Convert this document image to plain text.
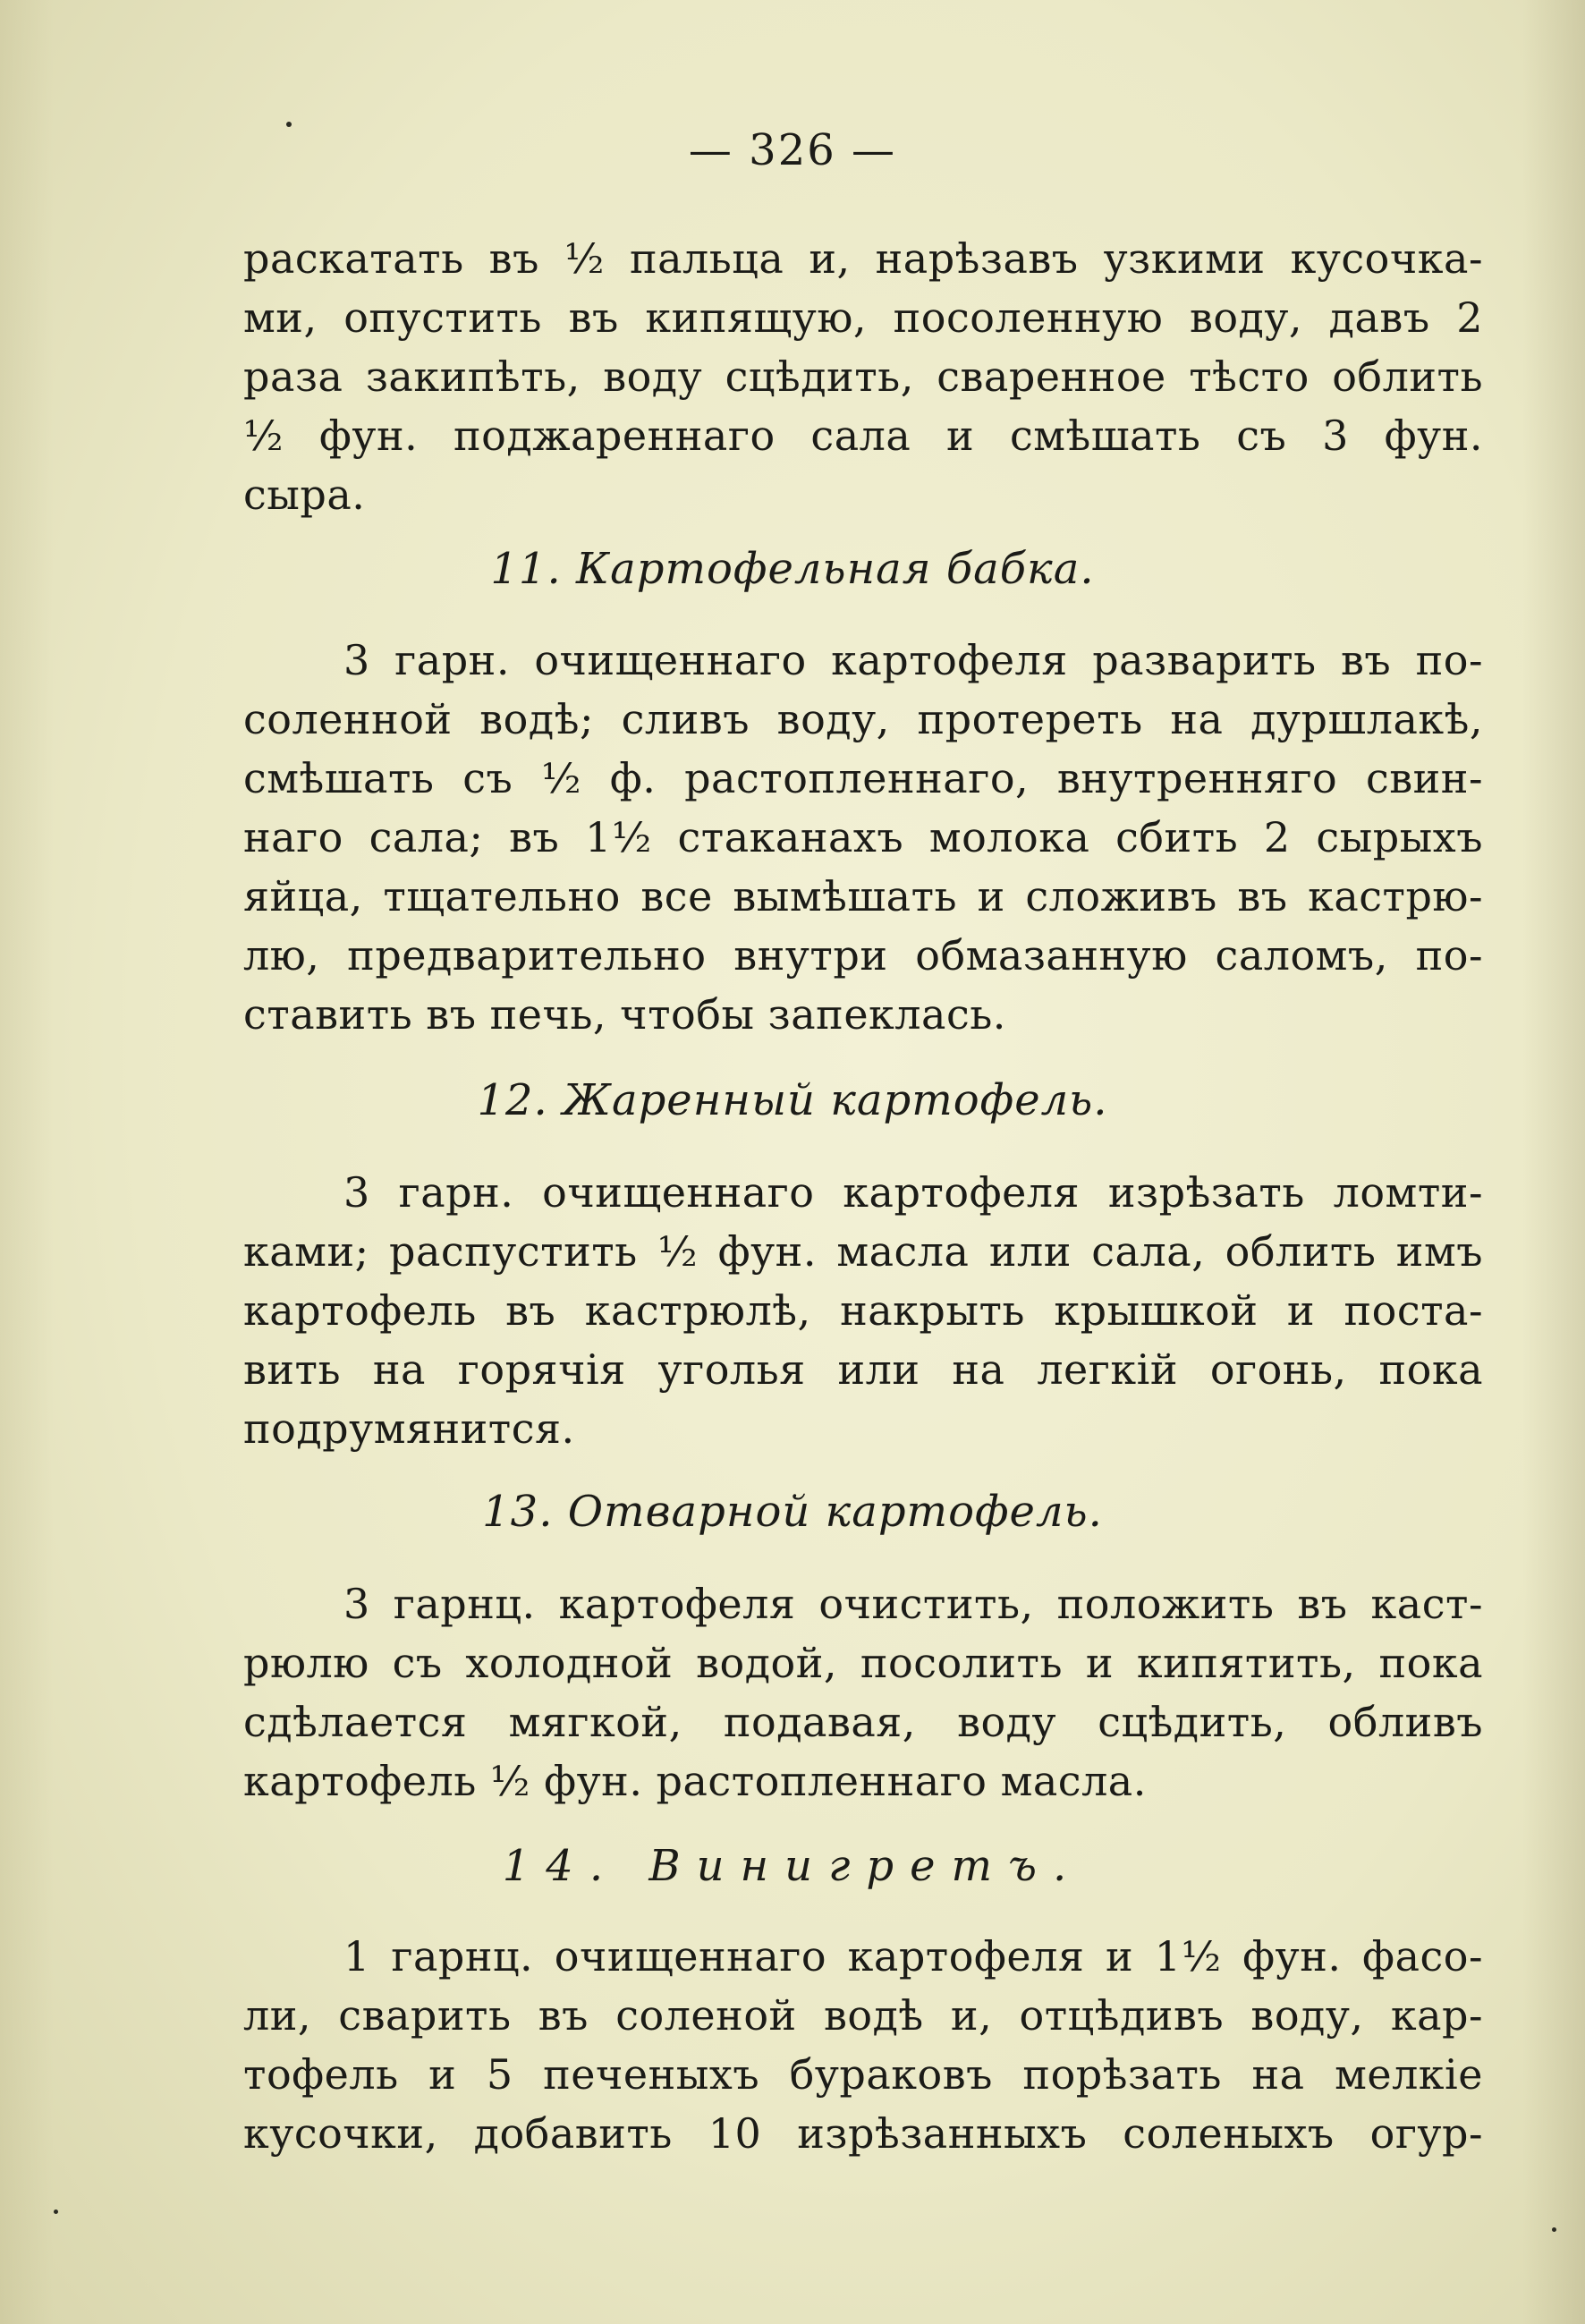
— 326 —
раскатать въ ½ пальца и, нарѣзавъ узкими кусочка-
ми, опустить въ кипящую, посоленную воду, давъ 2
раза закипѣть, воду сцѣдить, сваренное тѣсто облить
½ фун. поджареннаго сала и смѣшать съ 3 фун.
сыра.
11. Картофельная бабка.
3 гарн. очищеннаго картофеля разварить въ по-
соленной водѣ; сливъ воду, протереть на дуршлакѣ,
смѣшать съ ½ ф. растопленнаго, внутренняго свин-
наго сала; въ 1½ стаканахъ молока сбить 2 сырыхъ
яйца, тщательно все вымѣшать и сложивъ въ кастрю-
лю, предварительно внутри обмазанную саломъ, по-
ставить въ печь, чтобы запеклась.
12. Жаренный картофель.
3 гарн. очищеннаго картофеля изрѣзать ломти-
ками; распустить ½ фун. масла или сала, облить имъ
картофель въ кастрюлѣ, накрыть крышкой и поста-
вить на горячія уголья или на легкій огонь, пока
подрумянится.
13. Отварной картофель.
3 гарнц. картофеля очистить, положить въ каст-
рюлю съ холодной водой, посолить и кипятить, пока
сдѣлается мягкой, подавая, воду сцѣдить, обливъ
картофель ½ фун. растопленнаго масла.
14. Винигретъ.
1 гарнц. очищеннаго картофеля и 1½ фун. фасо-
ли, сварить въ соленой водѣ и, отцѣдивъ воду, кар-
тофель и 5 печеныхъ бураковъ порѣзать на мелкіе
кусочки, добавить 10 изрѣзанныхъ соленыхъ огур-
